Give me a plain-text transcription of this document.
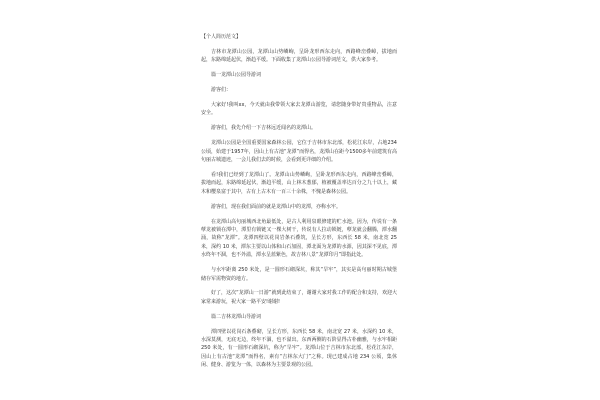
【个人简历范文】

吉林市龙潭山公园，龙潭山山势嶙峋，呈卧龙形西东走向，西路峰峦叠嶂，拔地而起，东路绵延起伏，渐趋平缓。下面收集了龙潭山公园导游词范文，供大家参考。

篇一龙潭山公园导游词

游客们：

大家好!我叫xx，今天就由我带领大家去龙潭山游览，请您随身带好贵重物品，注意安全。

游客们，我先介绍一下吉林远近闻名的龙潭山。

龙潭山公园是全国重要国家森林公园，它位于吉林市东北部，松花江东岸，占地234公顷，始建于1957年，因山上有古池“龙潭”而得名，龙潭山在距今1500多年前建筑有高句丽古城遗迹，一会儿我们去的时候，会看到更详细的介绍。

看!我们已经到了龙潭山了。龙潭山山势嶙峋，呈卧龙形西东走向，西路峰峦叠嶂，拔地而起，东路绵延起伏，渐趋平缓，山上林木葱郁，植被覆盖率达百分之九十以上，藏木和樱泉富于其中，古有上古木有一百三十余株，不愧是森林公园。

游客们，现在我们面前的就是龙潭山中的龙潭，亦称水牢。

在龙潭山高句丽城西北角最低处，是古人利用泉眼修建的贮水池。因为，传说有一条孽龙被锁在潭中，潭里有锁链又一棵大树干，传说有人拉动锁链，孽龙就会翻腾，潭水翻涌，故称“龙潭”。龙潭四壁以花岗岩条石叠筑，呈长方形，东西长 58 米，南北宽 25 米，深约 10 米，潭东主要以山体和山石加固，潭北面为龙潭的水源，因其深不见底，潭水终年不涸，也不外溢，潭水呈蓝紫色，故吉林八景“龙潭印月”即指此处。

与水牢距离 250 米处，是一圆形石砌深坑，称其“旱牢”，其实是高句丽时期古城堡储存军需物资的地方。

好了，这次“龙潭山一日游”就到此结束了，谢谢大家对我工作的配合和支持，欢迎大家常来游玩，祝大家一路平安!谢谢!

篇二吉林龙潭山导游词

潭四壁以花岗石条叠砌，呈长方形，东西长 58 米，南北宽 27 米，水深约 10 米，水深莫测，无底无边，终年不涸，也不溢出。东西两侧的石阶显得古朴幽雅，与水牢相距 250 米处，有一圆形石砌深坑，称为“旱牢”。龙潭山位于吉林市东北部，松花江东岸，因山上有古池“龙潭”而得名，素有“吉林东大门”之称。现已建成占地 234 公顷，集休闲、健身、游览为一体，以森林为主要景观的公园。
